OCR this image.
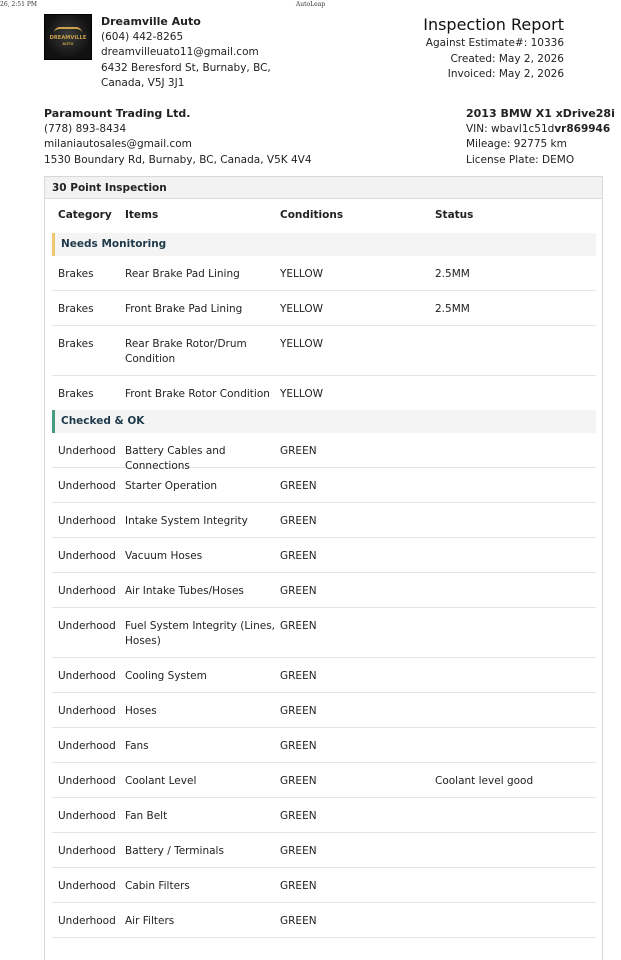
26, 2:51 PM	AutoLeap
DREAMVILLE
AUTO
Dreamville Auto
(604) 442-8265
dreamvilleuato11@gmail.com
6432 Beresford St, Burnaby, BC,
Canada, V5J 3J1
Inspection Report
Against Estimate#: 10336
Created: May 2, 2026
Invoiced: May 2, 2026
Paramount Trading Ltd.
(778) 893-8434
milaniautosales@gmail.com
1530 Boundary Rd, Burnaby, BC, Canada, V5K 4V4
2013 BMW X1 xDrive28i
VIN: wbavl1c51dvr869946
Mileage: 92775 km
License Plate: DEMO
30 Point Inspection
Category Items	Conditions	Status
Needs Monitoring
Brakes	Rear Brake Pad Lining	YELLOW	2.5MM
Brakes	Front Brake Pad Lining	YELLOW	2.5MM
Brakes	Rear Brake Rotor/Drum Condition
YELLOW
Brakes	Front Brake Rotor Condition YELLOW
Checked & OK
Underhood Battery Cables and Connections
GREEN
Underhood Starter Operation	GREEN
Underhood Intake System Integrity	GREEN
Underhood Vacuum Hoses	GREEN
Underhood Air Intake Tubes/Hoses	GREEN
Underhood Fuel System Integrity (Lines, Hoses)
GREEN
Underhood Cooling System	GREEN
Underhood Hoses	GREEN
Underhood Fans	GREEN
Underhood Coolant Level	GREEN	Coolant level good
Underhood Fan Belt	GREEN
Underhood Battery / Terminals	GREEN
Underhood Cabin Filters	GREEN
Underhood Air Filters	GREEN
